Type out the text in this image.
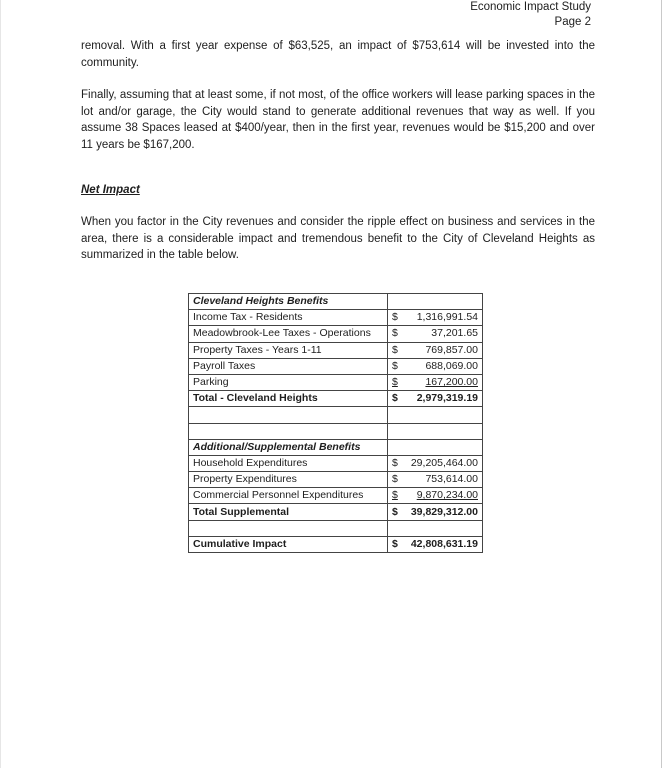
Economic Impact Study
Page 2
removal. With a first year expense of $63,525, an impact of $753,614 will be invested into the community.
Finally, assuming that at least some, if not most, of the office workers will lease parking spaces in the lot and/or garage, the City would stand to generate additional revenues that way as well. If you assume 38 Spaces leased at $400/year, then in the first year, revenues would be $15,200 and over 11 years be $167,200.
Net Impact
When you factor in the City revenues and consider the ripple effect on business and services in the area, there is a considerable impact and tremendous benefit to the City of Cleveland Heights as summarized in the table below.
Cleveland Heights Benefits	
Income Tax - Residents	$ 1,316,991.54

Meadowbrook-Lee Taxes - Operations	$ 37,201.65

Property Taxes - Years 1-11	$ 769,857.00

Payroll Taxes	$ 688,069.00

Parking	$ 167,200.00

Total - Cleveland Heights	$ 2,979,319.19

Additional/Supplemental Benefits	
Household Expenditures	$ 29,205,464.00

Property Expenditures	$ 753,614.00

Commercial Personnel Expenditures	$ 9,870,234.00

Total Supplemental	$ 39,829,312.00

Cumulative Impact	$ 42,808,631.19
